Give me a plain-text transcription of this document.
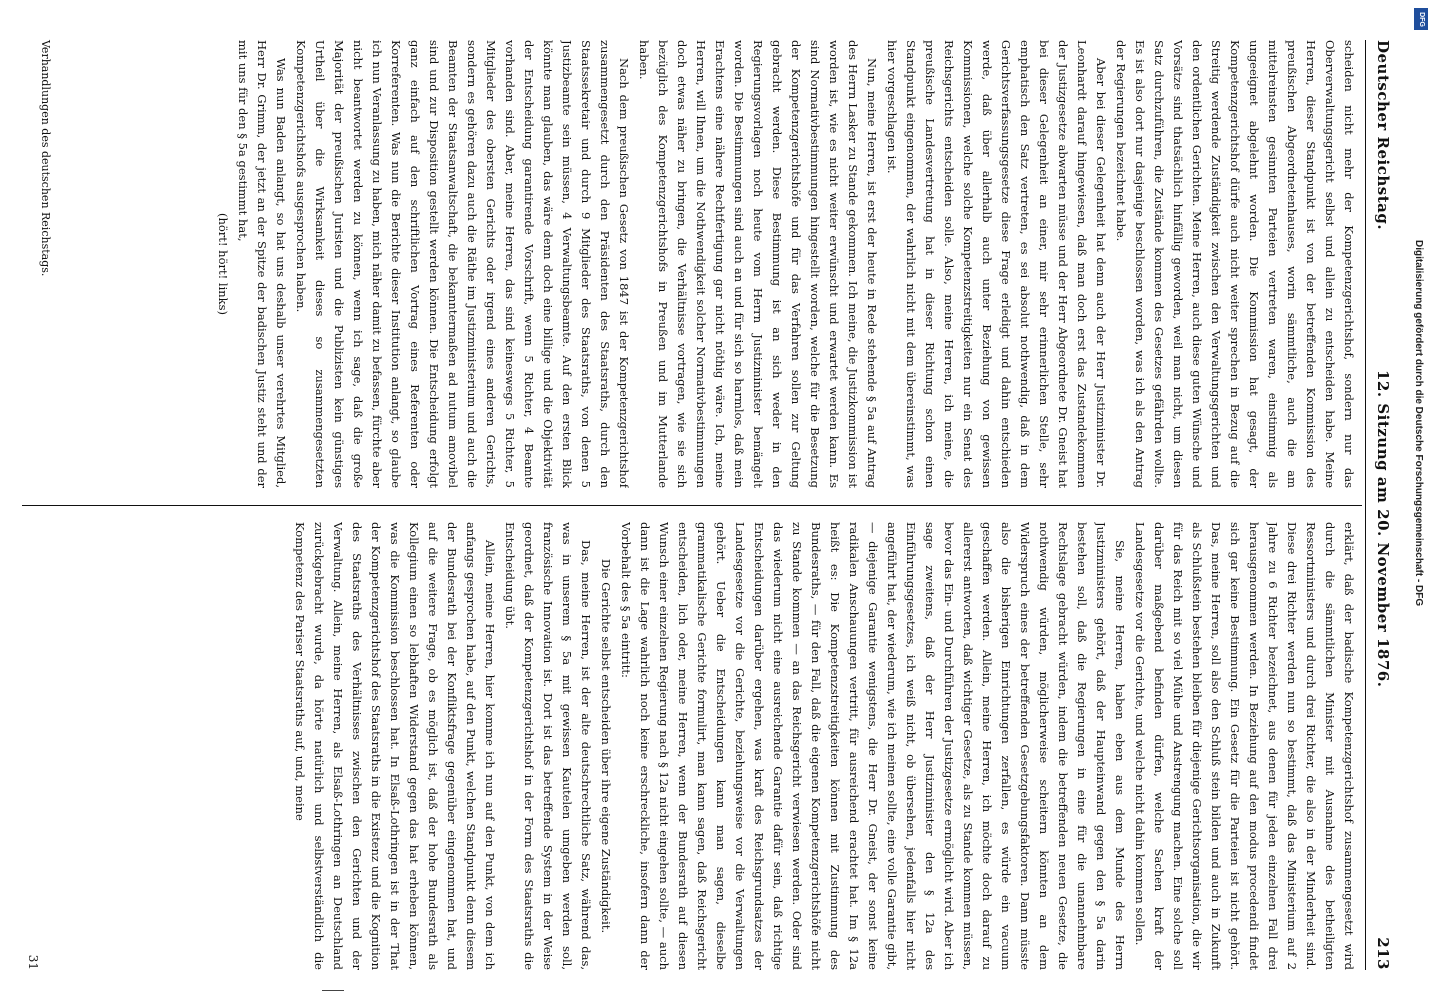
Deutscher Reichstag.
12. Sitzung am 20. November 1876.
213

scheiden nicht mehr der Kompetenzgerichtshof, sondern nur das Oberverwaltungsgericht selbst und allein zu entscheiden habe. Meine Herren, dieser Standpunkt ist von der betreffenden Kommission des preußischen Abgeordnetenhauses, worin sämmtliche, auch die am mittelreinsten gesinnten Parteien vertreten waren, einstimmig als ungeeignet abgelehnt worden. Die Kommission hat gesagt, der Kompetenzgerichtshof dürfe auch nicht weiter sprechen in Bezug auf die Streitig werdende Zuständigkeit zwischen den Verwaltungsgerichten und den ordentlichen Gerichten. Meine Herren, auch diese guten Wünsche und Vorsätze sind thatsächlich hinfällig geworden, weil man nicht, um diesen Satz durchzuführen, die Zustände kommen des Gesetzes gefährden wollte. Es ist also dort nur dasjenige beschlossen worden, was ich als den Antrag der Regierungen bezeichnet habe.

Aber bei dieser Gelegenheit hat denn auch der Herr Justizminister Dr. Leonhardt darauf hingewiesen, daß man doch erst das Zustandekommen der Justizgesetze abwarten müsse und der Herr Abgeordnete Dr. Gneist hat bei dieser Gelegenheit an einer, mir sehr erinnerlichen Stelle, sehr emphatisch den Satz vertreten, es sei absolut nothwendig, daß in dem Gerichtsverfassungsgesetze diese Frage erledigt und dahin entschieden werde, daß über allerhalb auch unter Beziehung von gewissen Kommissionen, welche solche Kompetenzstreitigkeiten nur ein Senat des Reichsgerichts entscheiden solle. Also, meine Herren, ich meine, die preußische Landesvertretung hat in dieser Richtung schon einen Standpunkt eingenommen, der wahrlich nicht mit dem übereinstimmt, was hier vorgeschlagen ist.

Nun, meine Herren, ist erst der heute in Rede stehende § 5a auf Antrag des Herrn Lasker zu Stande gekommen. Ich meine, die Justizkommission ist worden ist, wie es nicht weiter erwünscht und erwartet werden kann. Es sind Normativbestimmungen hingestellt worden, welche für die Besetzung der Kompetenzgerichtshöfe und für das Verfahren sollen zur Geltung gebracht werden. Diese Bestimmung ist an sich weder in den Regierungsvorlagen noch heute vom Herrn Justizminister bemängelt worden. Die Bestimmungen sind auch an und für sich so harmlos, daß mein Erachtens eine nähere Rechtfertigung gar nicht nöthig wäre. Ich, meine Herren, will Ihnen, um die Nothwendigkeit solcher Normativbestimmungen doch etwas näher zu bringen, die Verhältnisse vortragen, wie sie sich bezüglich des Kompetenzgerichtshofs in Preußen und im Mutterlande haben.

Nach dem preußischen Gesetz von 1847 ist der Kompetenzgerichtshof zusammengesetzt durch den Präsidenten des Staatsraths, durch den Staatssekretair und durch 9 Mitglieder des Staatsraths, von denen 5 Justizbeamte sein müssen, 4 Verwaltungsbeamte. Auf den ersten Blick könnte man glauben, das wäre denn doch eine billige und die Objektivität der Entscheidung garantirende Vorschrift, wenn 5 Richter, 4 Beamte vorhanden sind. Aber, meine Herren, das sind keineswegs 5 Richter, 5 Mitglieder des obersten Gerichts oder irgend eines anderen Gerichts, sondern es gehören dazu auch die Räthe im Justizministerium und auch die Beamten der Staatsanwaltschaft, die bekanntermaßen ad nutum amovibel sind und zur Disposition gestellt werden können. Die Entscheidung erfolgt ganz einfach auf den schriftlichen Vortrag eines Referenten oder Korreferenten. Was nun die Berichte dieser Institution anlangt, so glaube ich nun Veranlassung zu haben, mich näher damit zu befassen, fürchte aber nicht beantwortet werden zu können, wenn ich sage, daß die große Majorität der preußischen Juristen und die Publizisten kein günstiges Urtheil über die Wirksamkeit dieses so zusammengesetzten Kompetenzgerichtshofs ausgesprochen haben.

Was nun Baden anlangt, so hat uns deshalb unser verehrtes Mitglied, Herr Dr. Grimm, der jetzt an der Spitze der badischen Justiz steht und der mit uns für den § 5a gestimmt hat,

(hört! hört! links)

erklärt, daß der badische Kompetenzgerichtshof zusammengesetzt wird durch die sämmtlichen Minister mit Ausnahme des betheiligten Ressortministers und durch drei Richter, die also in der Minderheit sind. Diese drei Richter werden nun so bestimmt, daß das Ministerium auf 2 Jahre zu 6 Richter bezeichnet, aus denen für jeden einzelnen Fall drei herausgenommen werden. In Beziehung auf den modus procedendi findet sich gar keine Bestimmung. Ein Gesetz für die Parteien ist nicht gehört. Das, meine Herren, soll also den Schluß stein bilden und auch in Zukunft als Schlußstein bestehen bleiben für diejenige Gerichtsorganisation, die wir für das Reich mit so viel Mühe und Anstrengung machen. Eine solche soll darüber maßgebend befinden dürfen, welche Sachen kraft der Landesgesetze vor die Gerichte, und welche nicht dahin kommen sollen.

Sie, meine Herren, haben eben aus dem Munde des Herrn Justizministers gehört, daß der Haupteinwand gegen den § 5a darin bestehen soll, daß die Regierungen in eine für die unannehmbare Rechtslage gebracht würden, indem die betreffenden neuen Gesetze, die nothwendig würden, möglicherweise scheitern könnten an dem Widerspruch eines der betreffenden Gesetzgebungsfaktoren. Dann müsste also die bisherigen Einrichtungen zerfallen, es würde ein vacuum geschaffen werden. Allein, meine Herren, ich möchte doch darauf zu allererst antworten, daß wichtiger Gesetze, als zu Stande kommen müssen, bevor das Ein- und Durchführen der Justizgesetze ermöglicht wird. Aber ich sage zweitens, daß der Herr Justizminister den § 12a des Einführungsgesetzes, ich weiß nicht, ob übersehen, jedenfalls hier nicht angeführt hat, der wiederum, wie ich meinen sollte, eine volle Garantie gibt, — diejenige Garantie wenigstens, die Herr Dr. Gneist, der sonst keine radikalen Anschauungen vertritt, für ausreichend erachtet hat. Im § 12a heißt es: Die Kompetenzstreitigkeiten können mit Zustimmung des Bundesraths, — für den Fall, daß die eigenen Kompetenzgerichtshöfe nicht zu Stande kommen — an das Reichsgericht verwiesen werden. Oder sind das wiederum nicht eine ausreichende Garantie dafür sein, daß richtige Entscheidungen darüber ergehen, was kraft des Reichsgrundsatzes der Landesgesetze vor die Gerichte, beziehungsweise vor die Verwaltungen gehört. Ueber die Entscheidungen kann man sagen, dieselbe grammatikalische Gerichte formulirt, man kann sagen, daß Reichsgericht entscheiden, lich oder, meine Herren, wenn der Bundesrath auf diesen Wunsch einer einzelnen Regierung nach § 12a nicht eingehen sollte, — auch dann ist die Lage wahrlich noch keine erschreckliche, insofern dann der Vorbehalt des § 5a eintritt:

Die Gerichte selbst entscheiden über ihre eigene Zuständigkeit.

Das, meine Herren, ist der alte deutschrechtliche Satz, während das, was in unserem § 5a mit gewissen Kautelen umgeben werden soll, französische Innovation ist. Dort ist das betreffende System in der Weise geordnet, daß der Kompetenzgerichtshof in der Form des Staatsraths die Entscheidung übt.

Allein, meine Herren, hier komme ich nun auf den Punkt, von dem ich anfangs gesprochen habe, auf den Punkt, welchen Standpunkt denn diesem der Bundesrath bei der Konfliktsfrage gegenüber eingenommen hat, und auf die weitere Frage, ob es möglich ist, daß der hohe Bundesrath als Kollegium einen so lebhaften Widerstand gegen das hat erheben können, was die Kommission beschlossen hat. In Elsaß-Lothringen ist in der That der Kompetenzgerichtshof des Staatsraths in die Existenz und die Kognition des Staatsraths des Verhältnisses zwischen den Gerichten und der Verwaltung. Allein, meine Herren, als Elsaß-Lothringen an Deutschland zurückgebracht wurde, da hörte natürlich und selbstverständlich die Kompetenz des Pariser Staatsraths auf, und, meine

Verhandlungen des deutschen Reichstags.
31
DFG
Digitalisierung gefördert durch die Deutsche Forschungsgemeinschaft - DFG
